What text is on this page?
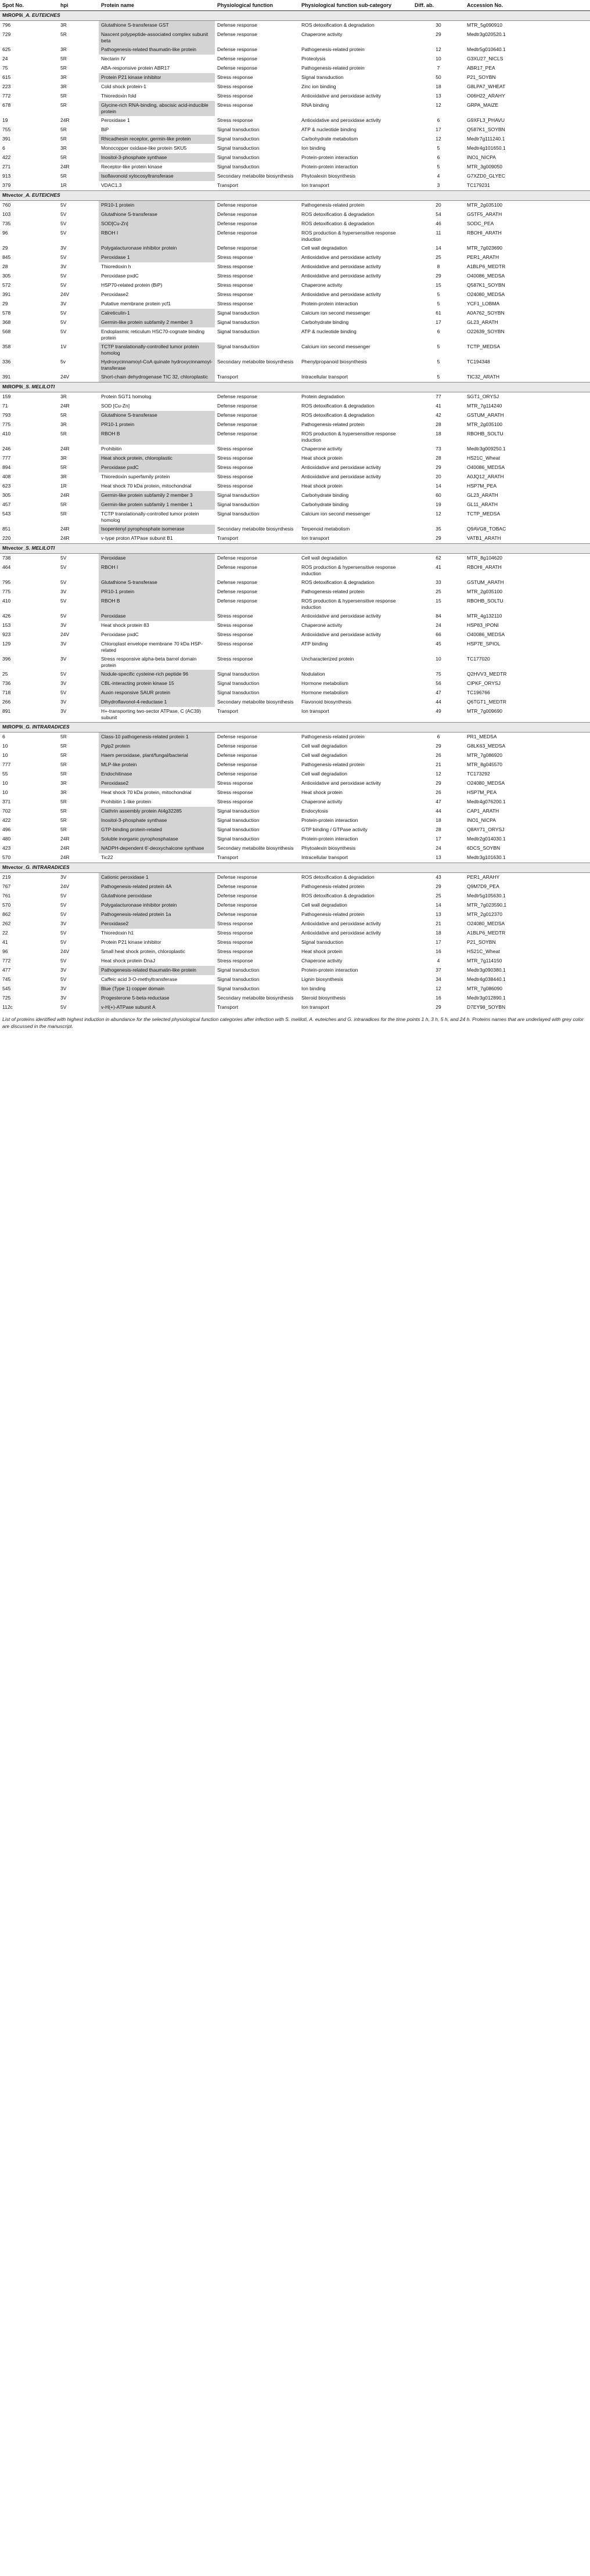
Spot No.	hpi	Protein name	Physiological function	Physiological function sub-category	Diff. ab.	Accession No.
MtROP9i_A. EUTEICHES						
796	3R	Glutathione S-transferase GST	Defense response	ROS detoxification & degradation	30	MTR_5g090910
729	5R	Nascent polypeptide-associated complex subunit beta	Defense response	Chaperone activity	29	Medtr3g020520.1
625	3R	Pathogenesis-related thaumatin-like protein	Defense response	Pathogenesis-related protein	12	Medtr5g010640.1
24	5R	Nectarin IV	Defense response	Proteolysis	10	G3XU27_NICLS
75	5R	ABA-responsive protein ABR17	Defense response	Pathogenesis-related protein	7	ABR17_PEA
615	3R	Protein P21 kinase inhibitor	Stress response	Signal transduction	50	P21_SOYBN
223	3R	Cold shock protein-1	Stress response	Zinc ion binding	18	G8LPA7_WHEAT
772	5R	Thioredoxin fold	Stress response	Antioxidative and peroxidase activity	13	O06H22_ARAHY
678	5R	Glycine-rich RNA-binding, abscisic acid-inducible protein	Stress response	RNA binding	12	GRPA_MAIZE
19	24R	Peroxidase 1	Stress response	Antioxidative and peroxidase activity	6	G9XFL3_PHAVU
755	5R	BiP	Signal transduction	ATP & nucleotide binding	17	Q587K1_SOYBN
391	5R	Rhicadhesin receptor, germin-like protein	Signal transduction	Carbohydrate metabolism	12	Medtr7g111240.1
6	3R	Monocopper oxidase-like protein SKU5	Signal transduction	Ion binding	5	Medtr4g101650.1
422	5R	Inositol-3-phosphate synthase	Signal transduction	Protein-protein interaction	6	INO1_NICPA
271	24R	Receptor-like protein kinase	Signal transduction	Protein-protein interaction	5	MTR_3g009050
913	5R	Isoflavonoid xylocosyltransferase	Secondary metabolite biosynthesis	Phytoalexin biosynthesis	4	G7XZD0_GLYEC
379	1R	VDAC1.3	Transport	Ion transport	3	TC179231
Mtvector_A. EUTEICHES						
760	5V	PR10-1 protein	Defense response	Pathogenesis-related protein	20	MTR_2g035100
103	5V	Glutathione S-transferase	Defense response	ROS detoxification & degradation	54	GSTF5_ARATH
735	5V	SOD[Cu-Zn]	Defense response	ROS detoxification & degradation	46	SODC_PEA
96	5V	RBOH I	Defense response	ROS production & hypersensitive response induction	11	RBOHI_ARATH
29	3V	Polygalacturonase inhibitor protein	Defense response	Cell wall degradation	14	MTR_7g023690
845	5V	Peroxidase 1	Stress response	Antioxidative and peroxidase activity	25	PER1_ARATH
28	3V	Thioredoxin h	Stress response	Antioxidative and peroxidase activity	8	A1BLP6_MEDTR
305	5V	Peroxidase pxdC	Stress response	Antioxidative and peroxidase activity	29	O40086_MEDSA
572	5V	HSP70-related protein (BiP)	Stress response	Chaperone activity	15	Q587K1_SOYBN
391	24V	Peroxidase2	Stress response	Antioxidative and peroxidase activity	5	O24080_MEDSA
29	3V	Putative membrane protein ycf1	Stress response	Protein-protein interaction	5	YCF1_LOBMA
578	5V	Calreticulin-1	Signal transduction	Calcium ion second messenger	61	A0A762_SOYBN
368	5V	Germin-like protein subfamily 2 member 3	Signal transduction	Carbohydrate binding	17	GL23_ARATH
568	5V	Endoplasmic reticulum HSC70-cognate binding protein	Signal transduction	ATP & nucleotide binding	6	O22639_SOYBN
358	1V	TCTP translationally-controlled tumor protein homolog	Signal transduction	Calcium ion second messenger	5	TCTP_MEDSA
336	5v	Hydroxycinnamoyl-CoA quinate hydroxycinnamoyl-transferase	Secondary metabolite biosynthesis	Phenylpropanoid biosynthesis	5	TC194348
391	24V	Short-chain dehydrogenase TIC 32, chloroplastic	Transport	Intracellular transport	5	TIC32_ARATH
MtROP9i_S. MELILOTI						
159	3R	Protein SGT1 homolog	Defense response	Protein degradation	77	SGT1_ORYSJ
71	24R	SOD [Cu-Zn]	Defense response	ROS detoxification & degradation	41	MTR_7g114240
793	5R	Glutathione S-transferase	Defense response	ROS detoxification & degradation	42	GSTUM_ARATH
775	3R	PR10-1 protein	Defense response	Pathogenesis-related protein	28	MTR_2g035100
410	5R	RBOH B	Defense response	ROS production & hypersensitive response induction	18	RBOHB_SOLTU
246	24R	Prohibitin	Stress response	Chaperone activity	73	Medtr3g009250.1
777	3R	Heat shock protein, chloroplastic	Stress response	Heat shock protein	28	HS21C_Wheat
894	5R	Peroxidase pxdC	Stress response	Antioxidative and peroxidase activity	29	O40086_MEDSA
408	3R	Thioredoxin superfamily protein	Stress response	Antioxidative and peroxidase activity	20	A0JQ12_ARATH
623	1R	Heat shock 70 kDa protein, mitochondrial	Stress response	Heat shock protein	14	HSP7M_PEA
305	24R	Germin-like protein subfamily 2 member 3	Signal transduction	Carbohydrate binding	60	GL23_ARATH
457	5R	Germin-like protein subfamily 1 member 1	Signal transduction	Carbohydrate binding	19	GL11_ARATH
543	5R	TCTP translationally-controlled tumor protein homolog	Signal transduction	Calcium ion second messenger	12	TCTP_MEDSA
851	24R	Isopentenyl pyrophosphate isomerase	Secondary metabolite biosynthesis	Terpenoid metabolism	35	Q9AVG8_TOBAC
220	24R	v-type proton ATPase subunit B1	Transport	Ion transport	29	VATB1_ARATH
Mtvector_S. MELILOTI						
738	5V	Peroxidase	Defense response	Cell wall degradation	62	MTR_8g104620
464	5V	RBOH I	Defense response	ROS production & hypersensitive response induction	41	RBOHI_ARATH
795	5V	Glutathione S-transferase	Defense response	ROS detoxification & degradation	33	GSTUM_ARATH
775	3V	PR10-1 protein	Defense response	Pathogenesis-related protein	25	MTR_2g035100
410	5V	RBOH B	Defense response	ROS production & hypersensitive response induction	15	RBOHB_SOLTU
426	5V	Peroxidase	Stress response	Antioxidative and peroxidase activity	84	MTR_4g132110
153	3V	Heat shock protein 83	Stress response	Chaperone activity	24	HSP83_IPONI
923	24V	Peroxidase pxdC	Stress response	Antioxidative and peroxidase activity	66	O40086_MEDSA
129	3V	Chloroplast envelope membrane 70 kDa HSP-related	Stress response	ATP binding	45	HSP7E_SPIOL
396	3V	Stress responsive alpha-beta barrel domain protein	Stress response	Uncharacterized protein	10	TC177020
25	5V	Nodule-specific cysteine-rich peptide 96	Signal transduction	Nodulation	75	Q2HVV3_MEDTR
736	3V	CBL-interacting protein kinase 15	Signal transduction	Hormone metabolism	56	CIPKF_ORYSJ
718	5V	Auxin responsive SAUR protein	Signal transduction	Hormone metabolism	47	TC196766
266	3V	Dihydroflavonol-4-reductase 1	Secondary metabolite biosynthesis	Flavonoid biosynthesis	44	Q6TGT1_MEDTR
891	3V	H+-transporting two-sector ATPase, C (AC39) subunit	Transport	Ion transport	49	MTR_7g009690
MtROP9i_G. INTRARADICES						
6	5R	Class-10 pathogenesis-related protein 1	Defense response	Pathogenesis-related protein	6	PR1_MEDSA
10	5R	Pgip2 protein	Defense response	Cell wall degradation	29	G8LK63_MEDSA
10	5R	Haem peroxidase, plant/fungal/bacterial	Defense response	Cell wall degradation	26	MTR_7g086920
777	5R	MLP-like protein	Defense response	Pathogenesis-related protein	21	MTR_8g045570
55	5R	Endochitinase	Defense response	Cell wall degradation	12	TC173292
10	3R	Peroxidase2	Stress response	Antioxidative and peroxidase activity	29	O24080_MEDSA
10	3R	Heat shock 70 kDa protein, mitochondrial	Stress response	Heat shock protein	26	HSP7M_PEA
371	5R	Prohibitin 1-like protein	Stress response	Chaperone activity	47	Medtr4g076200.1
702	5R	Clathrin assembly protein At4g32285	Signal transduction	Endocytosis	44	CAP1_ARATH
422	5R	Inositol-3-phosphate synthase	Signal transduction	Protein-protein interaction	18	INO1_NICPA
496	5R	GTP-binding protein-related	Signal transduction	GTP binding / GTPase activity	28	Q8AY71_ORYSJ
480	24R	Soluble inorganic pyrophosphatase	Signal transduction	Protein-protein interaction	17	Medtr2g014030.1
423	24R	NADPH-dependent 6'-deoxychalcone synthase	Secondary metabolite biosynthesis	Phytoalexin biosynthesis	24	6DCS_SOYBN
570	24R	Tic22	Transport	Intracellular transport	13	Medtr3g101630.1
Mtvector_G. INTRARADICES						
219	3V	Cationic peroxidase 1	Defense response	ROS detoxification & degradation	43	PER1_ARAHY
767	24V	Pathogenesis-related protein 4A	Defense response	Pathogenesis-related protein	29	Q9M7D9_PEA
761	5V	Glutathione peroxidase	Defense response	ROS detoxification & degradation	25	Medtr5g105630.1
570	5V	Polygalacturonase inhibitor protein	Defense response	Cell wall degradation	14	MTR_7g023590.1
862	5V	Pathogenesis-related protein 1a	Defense response	Pathogenesis-related protein	13	MTR_2g012370
262	3V	Peroxidase2	Stress response	Antioxidative and peroxidase activity	21	O24080_MEDSA
22	5V	Thioredoxin h1	Stress response	Antioxidative and peroxidase activity	18	A1BLP6_MEDTR
41	5V	Protein P21 kinase inhibitor	Stress response	Signal transduction	17	P21_SOYBN
96	24V	Small heat shock protein, chloroplastic	Stress response	Heat shock protein	16	HS21C_Wheat
772	5V	Heat shock protein DnaJ	Stress response	Chaperone activity	4	MTR_7g114150
477	3V	Pathogenesis-related thaumatin-like protein	Signal transduction	Protein-protein interaction	37	Medtr3g090380.1
745	5V	Caffeic acid 3-O-methyltransferase	Signal transduction	Lignin biosynthesis	34	Medtr4g038440.1
545	3V	Blue (Type 1) copper domain	Signal transduction	Ion binding	12	MTR_7g086090
725	3V	Progesterone 5-beta-reductase	Secondary metabolite biosynthesis	Steroid biosynthesis	16	Medtr3g012890.1
112c	5V	v-H(+)-ATPase subunit A	Transport	Ion transport	29	D7EY98_SOYBN
List of proteins identified with highest induction in abundance for the selected physiological function categories after infection with S. meliloti, A. euteiches and G. intraradices for the time points 1 h, 3 h, 5 h, and 24 h. Proteins names that are underlayed with grey color are discussed in the manuscript.
